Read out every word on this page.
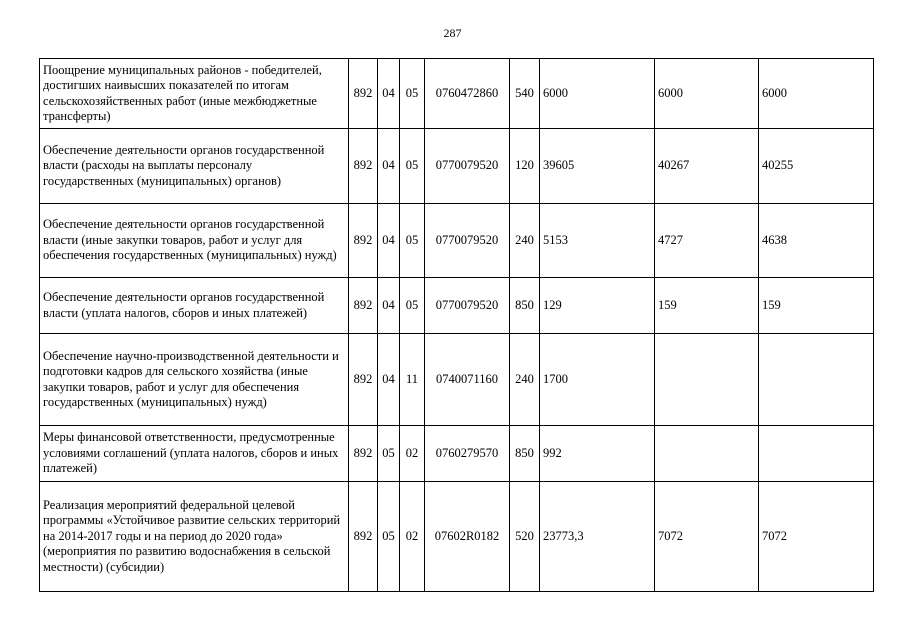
287
Поощрение муниципальных районов - победителей, достигших наивысших показателей по итогам сельскохозяйственных работ (иные межбюджетные трансферты)	892	04	05	0760472860	540	6000	6000	6000
Обеспечение деятельности органов государственной власти (расходы на выплаты персоналу государственных (муниципальных) органов)	892	04	05	0770079520	120	39605	40267	40255
Обеспечение деятельности органов государственной власти (иные закупки товаров, работ и услуг для обеспечения государственных (муниципальных) нужд)	892	04	05	0770079520	240	5153	4727	4638
Обеспечение деятельности органов государственной власти (уплата налогов, сборов и иных платежей)	892	04	05	0770079520	850	129	159	159
Обеспечение научно-производственной деятельности и подготовки кадров для сельского хозяйства (иные закупки товаров, работ и услуг для обеспечения государственных (муниципальных) нужд)	892	04	11	0740071160	240	1700		
Меры финансовой ответственности, предусмотренные условиями соглашений (уплата налогов, сборов и иных платежей)	892	05	02	0760279570	850	992		
Реализация мероприятий федеральной целевой программы «Устойчивое развитие сельских территорий на 2014-2017 годы и на период до 2020 года» (мероприятия по развитию водоснабжения в сельской местности) (субсидии)	892	05	02	07602R0182	520	23773,3	7072	7072
